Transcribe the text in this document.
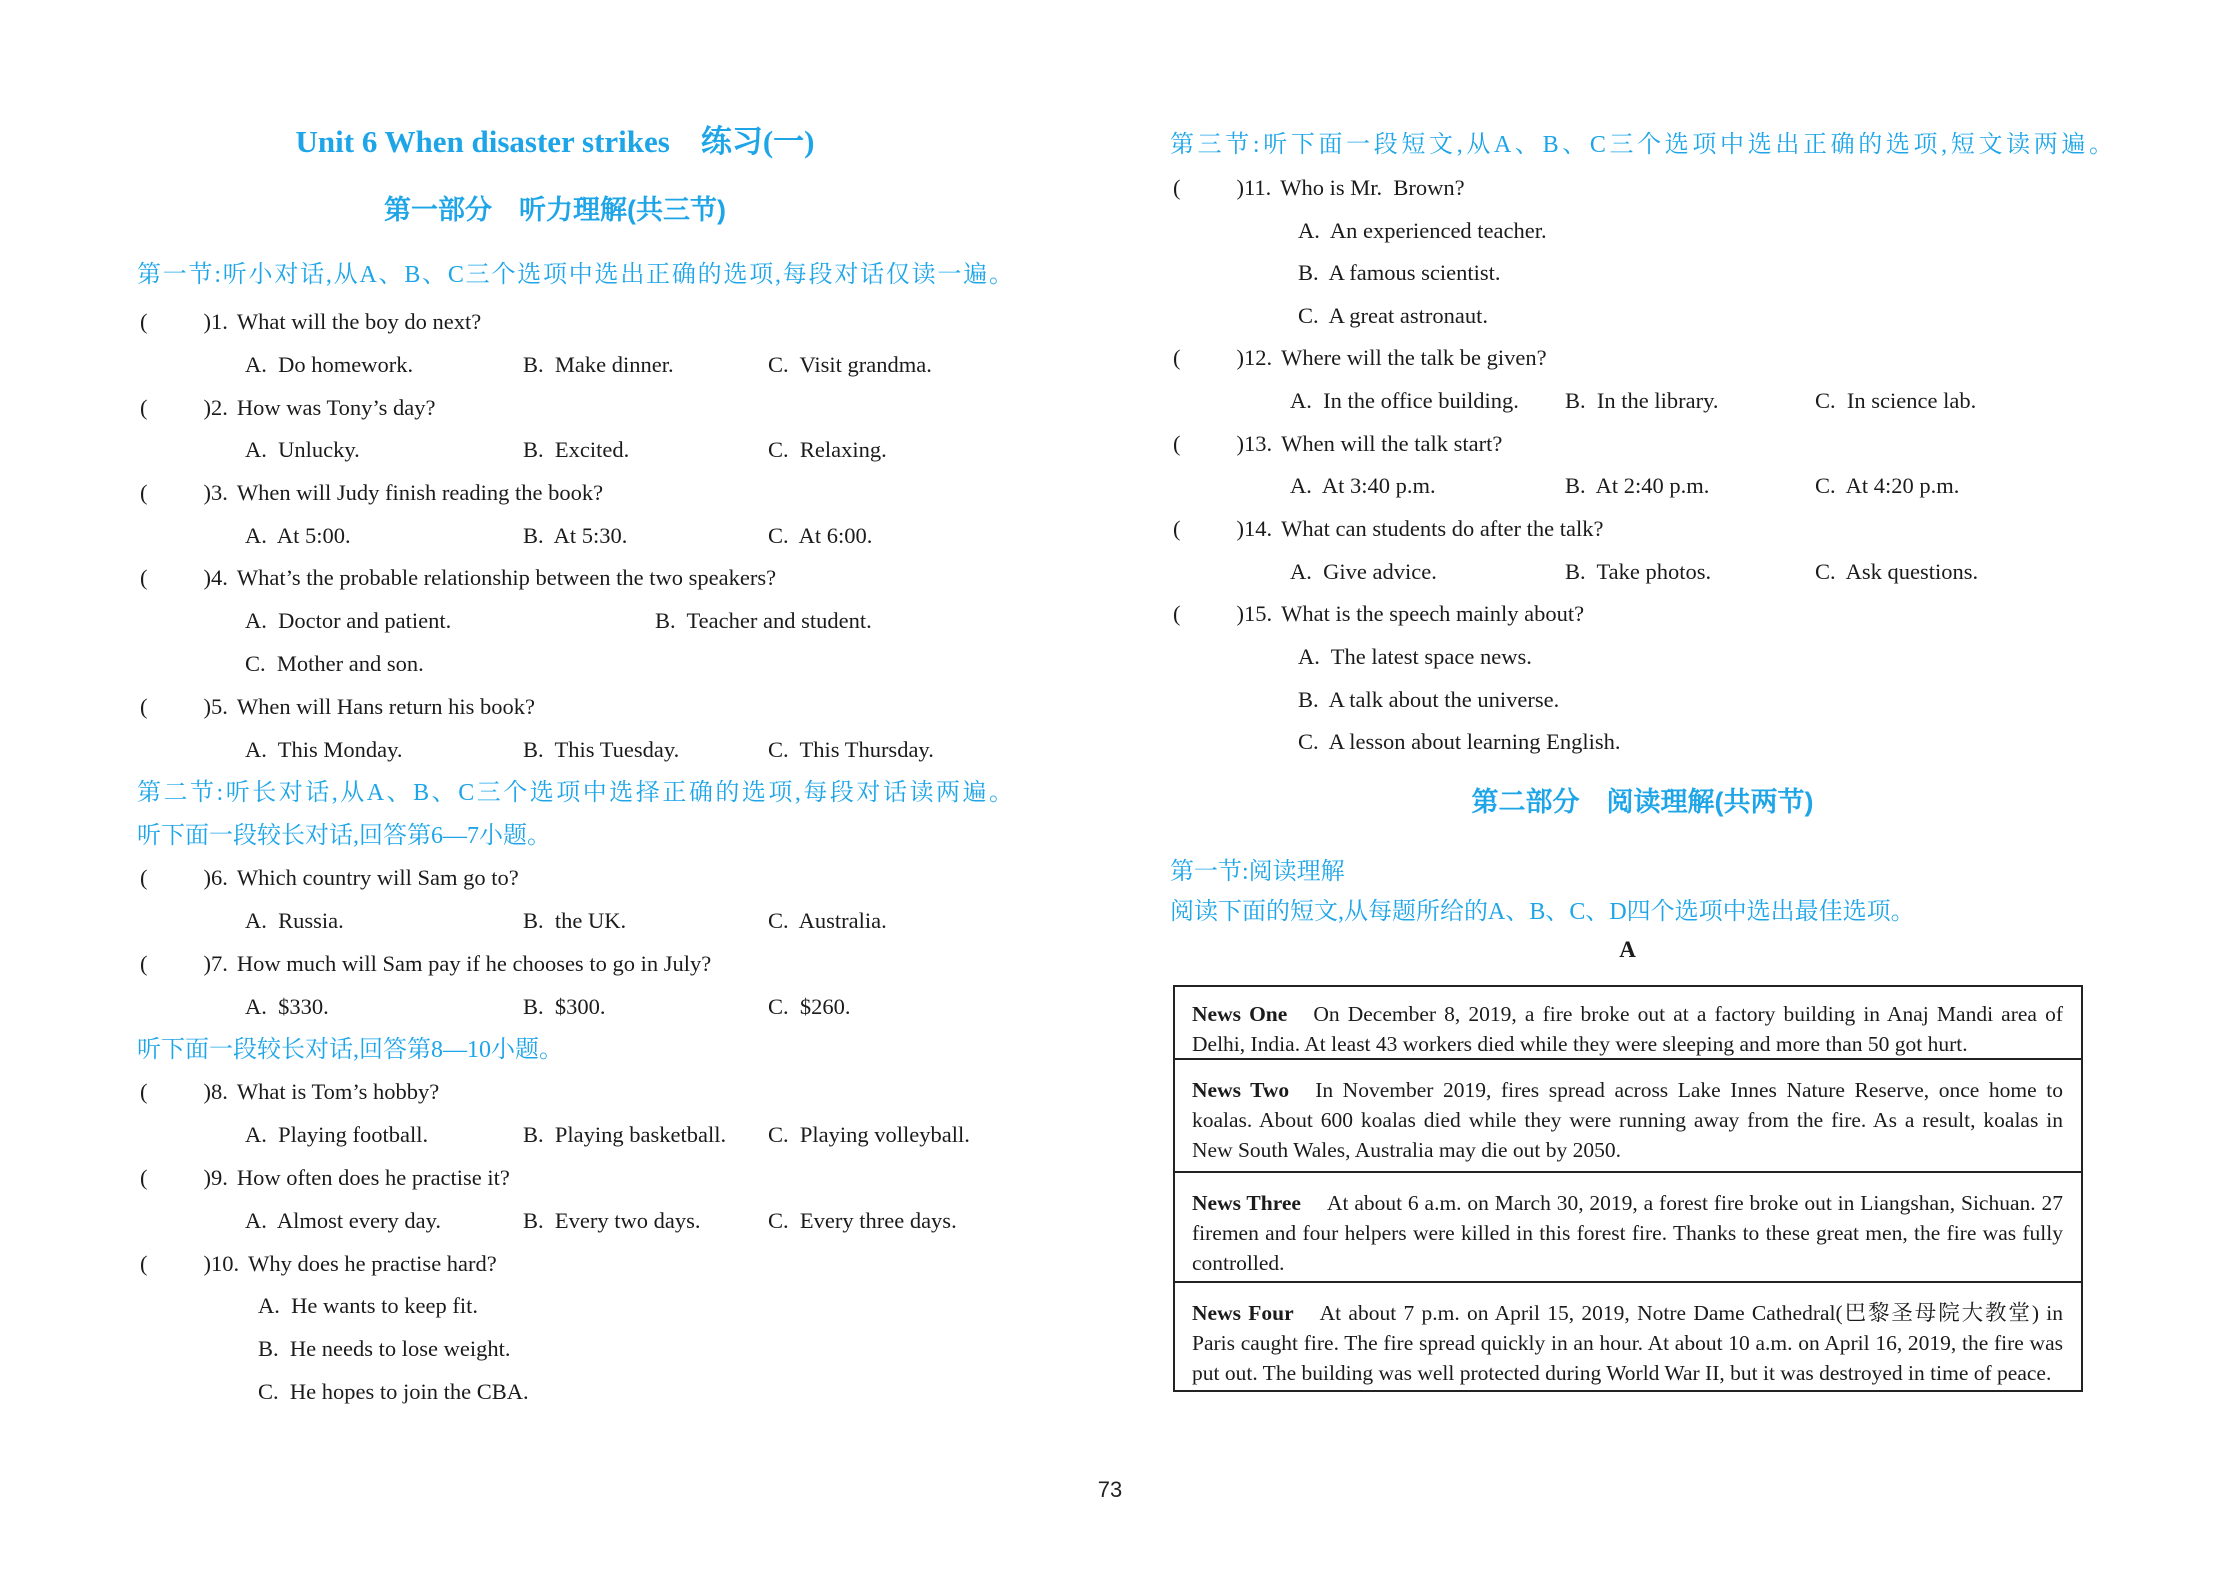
Unit 6 When disaster strikes　练习(一)
第一部分　听力理解(共三节)
第一节:听小对话,从A、B、C三个选项中选出正确的选项,每段对话仅读一遍。
( )1. What will the boy do next?
A.  Do homework.	B.  Make dinner.	C.  Visit grandma.
( )2. How was Tony’s day?
A.  Unlucky.	B.  Excited.	C.  Relaxing.
( )3. When will Judy finish reading the book?
A.  At 5:00.	B.  At 5:30.	C.  At 6:00.
( )4. What’s the probable relationship between the two speakers?
A.  Doctor and patient.	B.  Teacher and student.
C.  Mother and son.
( )5. When will Hans return his book?
A.  This Monday.	B.  This Tuesday.	C.  This Thursday.
第二节:听长对话,从A、B、C三个选项中选择正确的选项,每段对话读两遍。
听下面一段较长对话,回答第6—7小题。
( )6. Which country will Sam go to?
A.  Russia.	B.  the UK.	C.  Australia.
( )7. How much will Sam pay if he chooses to go in July?
A.  $330.	B.  $300.	C.  $260.
听下面一段较长对话,回答第8—10小题。
( )8. What is Tom’s hobby?
A.  Playing football.	B.  Playing basketball.	C.  Playing volleyball.
( )9. How often does he practise it?
A.  Almost every day.	B.  Every two days.	C.  Every three days.
( )10. Why does he practise hard?
A.  He wants to keep fit.
B.  He needs to lose weight.
C.  He hopes to join the CBA.
第三节:听下面一段短文,从A、B、C三个选项中选出正确的选项,短文读两遍。
( )11. Who is Mr.  Brown?
A.  An experienced teacher.
B.  A famous scientist.
C.  A great astronaut.
( )12. Where will the talk be given?
A.  In the office building.	B.  In the library.	C.  In science lab.
( )13. When will the talk start?
A.  At 3:40 p.m.	B.  At 2:40 p.m.	C.  At 4:20 p.m.
( )14. What can students do after the talk?
A.  Give advice.	B.  Take photos.	C.  Ask questions.
( )15. What is the speech mainly about?
A.  The latest space news.
B.  A talk about the universe.
C.  A lesson about learning English.
第二部分　阅读理解(共两节)
第一节:阅读理解
阅读下面的短文,从每题所给的A、B、C、D四个选项中选出最佳选项。
A

News One On December 8, 2019, a fire broke out at a factory building in Anaj Mandi area of Delhi, India. At least 43 workers died while they were sleeping and more than 50 got hurt.

News Two In November 2019, fires spread across Lake Innes Nature Reserve, once home to koalas. About 600 koalas died while they were running away from the fire. As a result, koalas in New South Wales, Australia may die out by 2050.

News Three At about 6 a.m. on March 30, 2019, a forest fire broke out in Liangshan, Sichuan. 27 firemen and four helpers were killed in this forest fire. Thanks to these great men, the fire was fully controlled.

News Four At about 7 p.m. on April 15, 2019, Notre Dame Cathedral(巴黎圣母院大教堂) in Paris caught fire. The fire spread quickly in an hour. At about 10 a.m. on April 16, 2019, the fire was put out. The building was well protected during World War II, but it was destroyed in time of peace.

73
